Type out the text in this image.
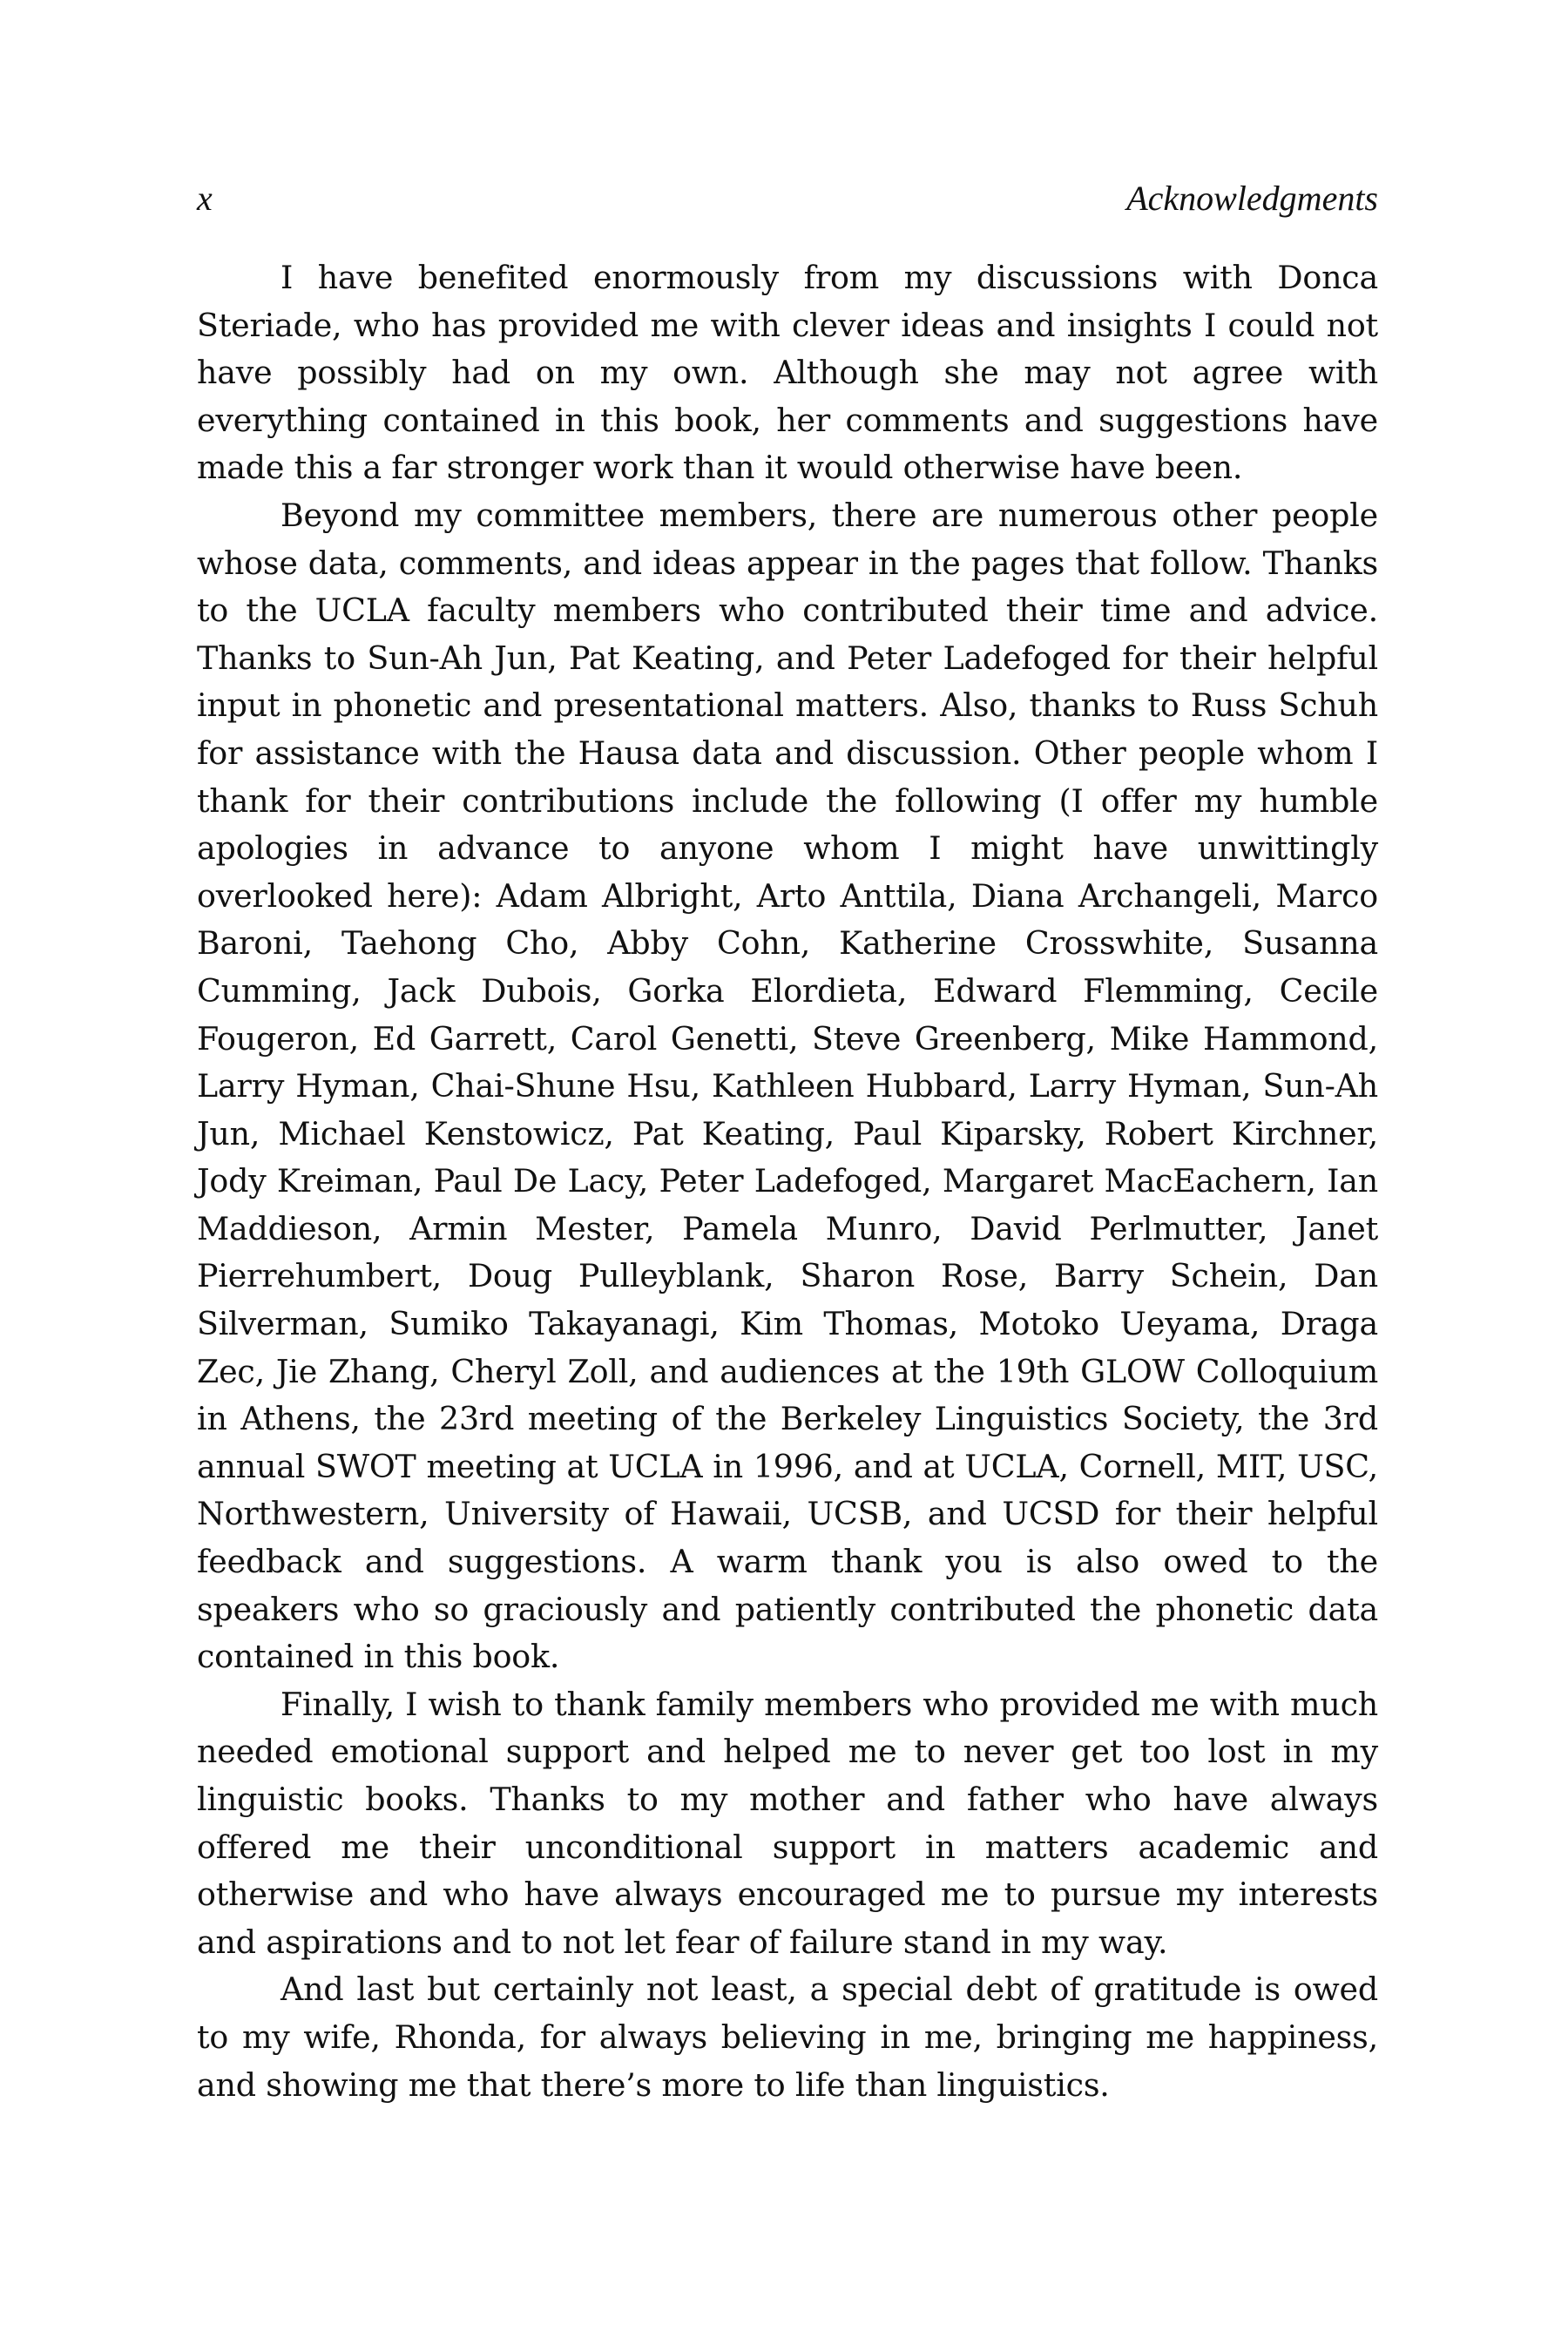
x	Acknowledgments

I have benefited enormously from my discussions with Donca Steriade, who has provided me with clever ideas and insights I could not have possibly had on my own. Although she may not agree with everything contained in this book, her comments and suggestions have made this a far stronger work than it would otherwise have been.

Beyond my committee members, there are numerous other people whose data, comments, and ideas appear in the pages that follow. Thanks to the UCLA faculty members who contributed their time and advice. Thanks to Sun-Ah Jun, Pat Keating, and Peter Ladefoged for their helpful input in phonetic and presentational matters. Also, thanks to Russ Schuh for assistance with the Hausa data and discussion. Other people whom I thank for their contributions include the following (I offer my humble apologies in advance to anyone whom I might have unwittingly overlooked here): Adam Albright, Arto Anttila, Diana Archangeli, Marco Baroni, Taehong Cho, Abby Cohn, Katherine Crosswhite, Susanna Cumming, Jack Dubois, Gorka Elordieta, Edward Flemming, Cecile Fougeron, Ed Garrett, Carol Genetti, Steve Greenberg, Mike Hammond, Larry Hyman, Chai-Shune Hsu, Kathleen Hubbard, Larry Hyman, Sun-Ah Jun, Michael Kenstowicz, Pat Keating, Paul Kiparsky, Robert Kirchner, Jody Kreiman, Paul De Lacy, Peter Ladefoged, Margaret MacEachern, Ian Maddieson, Armin Mester, Pamela Munro, David Perlmutter, Janet Pierrehumbert, Doug Pulleyblank, Sharon Rose, Barry Schein, Dan Silverman, Sumiko Takayanagi, Kim Thomas, Motoko Ueyama, Draga Zec, Jie Zhang, Cheryl Zoll, and audiences at the 19th GLOW Colloquium in Athens, the 23rd meeting of the Berkeley Linguistics Society, the 3rd annual SWOT meeting at UCLA in 1996, and at UCLA, Cornell, MIT, USC, Northwestern, University of Hawaii, UCSB, and UCSD for their helpful feedback and suggestions. A warm thank you is also owed to the speakers who so graciously and patiently contributed the phonetic data contained in this book.

Finally, I wish to thank family members who provided me with much needed emotional support and helped me to never get too lost in my linguistic books. Thanks to my mother and father who have always offered me their unconditional support in matters academic and otherwise and who have always encouraged me to pursue my interests and aspirations and to not let fear of failure stand in my way.

And last but certainly not least, a special debt of gratitude is owed to my wife, Rhonda, for always believing in me, bringing me happiness, and showing me that there’s more to life than linguistics.
